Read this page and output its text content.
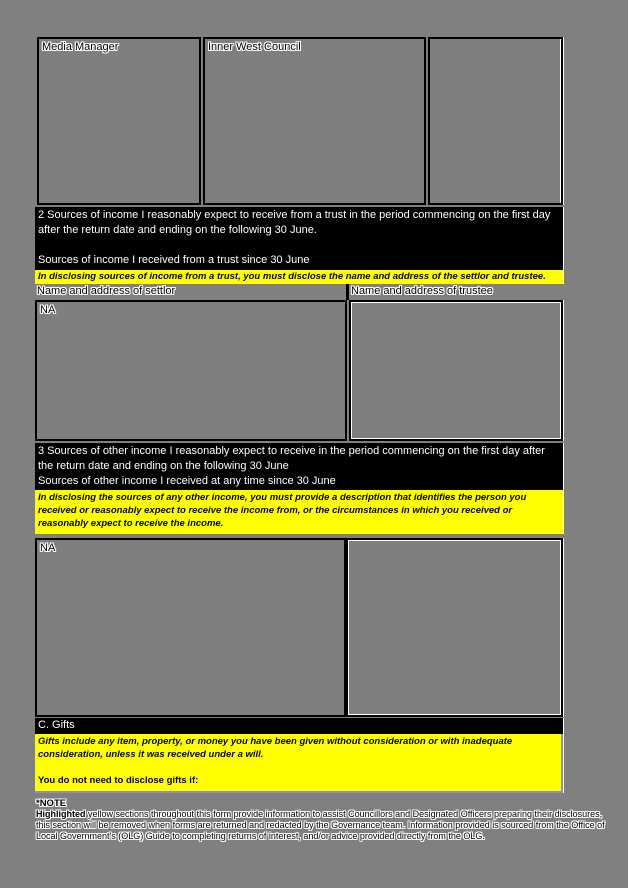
Media Manager	Inner West Council
2 Sources of income I reasonably expect to receive from a trust in the period commencing on the first day after the return date and ending on the following 30 June.
Sources of income I received from a trust since 30 June
In disclosing sources of income from a trust, you must disclose the name and address of the settlor and trustee.
Name and address of settlor	Name and address of trustee
NA
3 Sources of other income I reasonably expect to receive in the period commencing on the first day after the return date and ending on the following 30 June
Sources of other income I received at any time since 30 June
In disclosing the sources of any other income, you must provide a description that identifies the person you received or reasonably expect to receive the income from, or the circumstances in which you received or reasonably expect to receive the income.
NA
C. Gifts
Gifts include any item, property, or money you have been given without consideration or with inadequate consideration, unless it was received under a will.
You do not need to disclose gifts if:
*NOTE
Highlighted yellow sections throughout this form provide information to assist Councillors and Designated Officers preparing their disclosures, this section will be removed when forms are returned and redacted by the Governance team. Information provided is sourced from the Office of Local Government's (OLG) Guide to completing returns of interest, and/or advice provided directly from the OLG.
